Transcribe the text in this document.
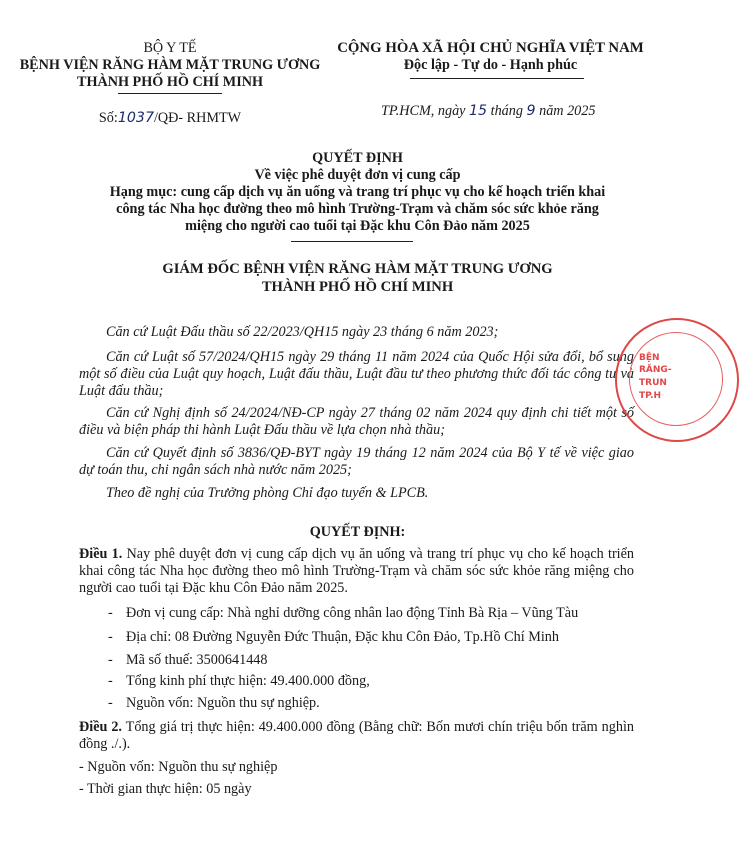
BỘ Y TẾ
BỆNH VIỆN RĂNG HÀM MẶT TRUNG ƯƠNG
THÀNH PHỐ HỒ CHÍ MINH
Số:1037/QĐ- RHMTW
CỘNG HÒA XÃ HỘI CHỦ NGHĨA VIỆT NAM
Độc lập - Tự do - Hạnh phúc
TP.HCM, ngày 15 tháng 9 năm 2025
QUYẾT ĐỊNH
Về việc phê duyệt đơn vị cung cấp
Hạng mục: cung cấp dịch vụ ăn uống và trang trí phục vụ cho kế hoạch triển khai
công tác Nha học đường theo mô hình Trường-Trạm và chăm sóc sức khỏe răng
miệng cho người cao tuổi tại Đặc khu Côn Đảo năm 2025
GIÁM ĐỐC BỆNH VIỆN RĂNG HÀM MẶT TRUNG ƯƠNG
THÀNH PHỐ HỒ CHÍ MINH
Căn cứ Luật Đấu thầu số 22/2023/QH15 ngày 23 tháng 6 năm 2023;
Căn cứ Luật số 57/2024/QH15 ngày 29 tháng 11 năm 2024 của Quốc Hội sửa đổi, bổ sung một số điều của Luật quy hoạch, Luật đấu thầu, Luật đầu tư theo phương thức đối tác công tư và Luật đấu thầu;
Căn cứ Nghị định số 24/2024/NĐ-CP ngày 27 tháng 02 năm 2024 quy định chi tiết một số điều và biện pháp thi hành Luật Đấu thầu về lựa chọn nhà thầu;
Căn cứ Quyết định số 3836/QĐ-BYT ngày 19 tháng 12 năm 2024 của Bộ Y tế về việc giao dự toán thu, chi ngân sách nhà nước năm 2025;
Theo đề nghị của Trưởng phòng Chỉ đạo tuyến & LPCB.
QUYẾT ĐỊNH:
Điều 1. Nay phê duyệt đơn vị cung cấp dịch vụ ăn uống và trang trí phục vụ cho kế hoạch triển khai công tác Nha học đường theo mô hình Trường-Trạm và chăm sóc sức khỏe răng miệng cho người cao tuổi tại Đặc khu Côn Đảo năm 2025.
- Đơn vị cung cấp: Nhà nghỉ dưỡng công nhân lao động Tỉnh Bà Rịa – Vũng Tàu
- Địa chỉ: 08 Đường Nguyễn Đức Thuận, Đặc khu Côn Đảo, Tp.Hồ Chí Minh
- Mã số thuế: 3500641448
- Tổng kinh phí thực hiện: 49.400.000 đồng,
- Nguồn vốn: Nguồn thu sự nghiệp.
Điều 2. Tổng giá trị thực hiện: 49.400.000 đồng (Bằng chữ: Bốn mươi chín triệu bốn trăm nghìn đồng ./.).
- Nguồn vốn: Nguồn thu sự nghiệp
- Thời gian thực hiện: 05 ngày
BỆN
RĂNG-
TRUN
TP.H
